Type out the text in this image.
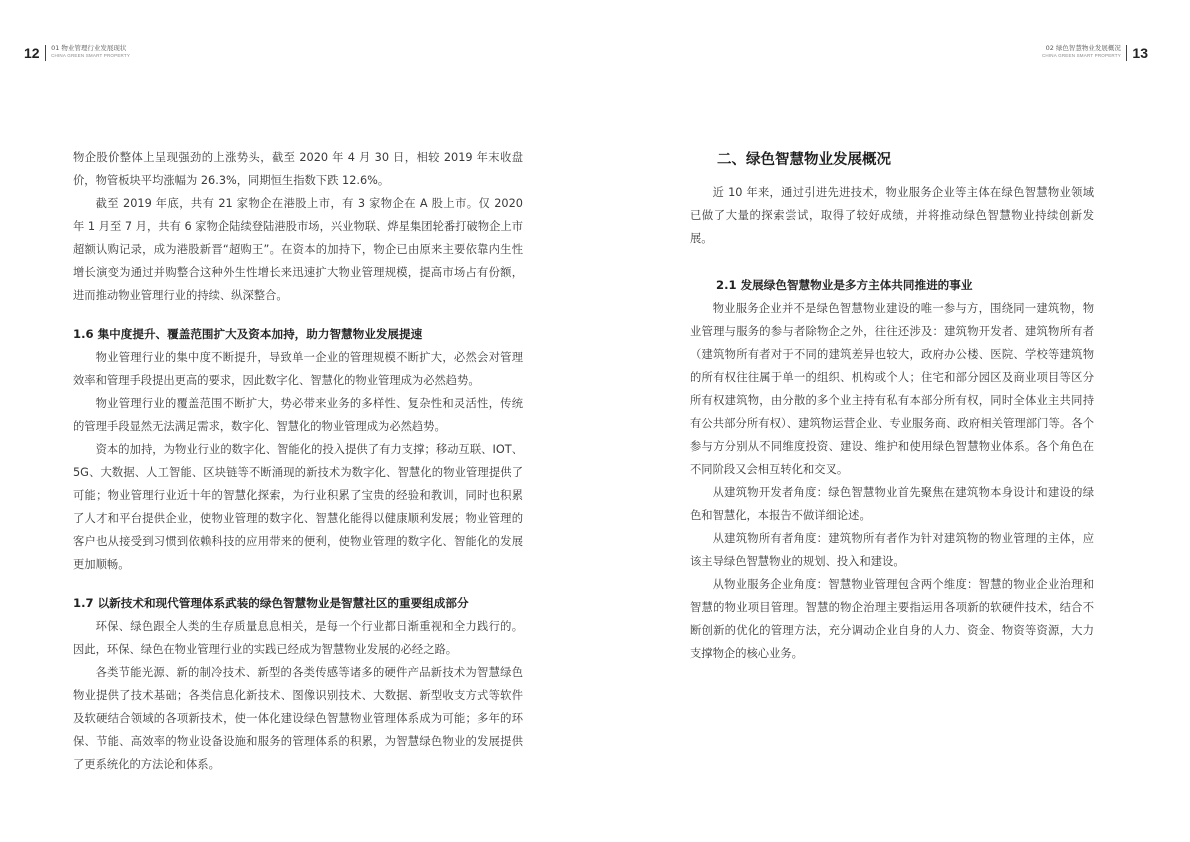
12 01 物业管理行业发展现状
CHINA GREEN SMART PROPERTY
02 绿色智慧物业发展概况
CHINA GREEN SMART PROPERTY 13

物企股价整体上呈现强劲的上涨势头，截至 2020 年 4 月 30 日，相较 2019 年末收盘价，物管板块平均涨幅为 26.3%，同期恒生指数下跌 12.6%。

截至 2019 年底，共有 21 家物企在港股上市，有 3 家物企在 A 股上市。仅 2020 年 1 月至 7 月，共有 6 家物企陆续登陆港股市场，兴业物联、烨星集团轮番打破物企上市超额认购记录，成为港股新晋“超购王”。在资本的加持下，物企已由原来主要依靠内生性增长演变为通过并购整合这种外生性增长来迅速扩大物业管理规模，提高市场占有份额，进而推动物业管理行业的持续、纵深整合。

1.6 集中度提升、覆盖范围扩大及资本加持，助力智慧物业发展提速

物业管理行业的集中度不断提升，导致单一企业的管理规模不断扩大，必然会对管理效率和管理手段提出更高的要求，因此数字化、智慧化的物业管理成为必然趋势。

物业管理行业的覆盖范围不断扩大，势必带来业务的多样性、复杂性和灵活性，传统的管理手段显然无法满足需求，数字化、智慧化的物业管理成为必然趋势。

资本的加持，为物业行业的数字化、智能化的投入提供了有力支撑；移动互联、IOT、5G、大数据、人工智能、区块链等不断涌现的新技术为数字化、智慧化的物业管理提供了可能；物业管理行业近十年的智慧化探索，为行业积累了宝贵的经验和教训，同时也积累了人才和平台提供企业，使物业管理的数字化、智慧化能得以健康顺利发展；物业管理的客户也从接受到习惯到依赖科技的应用带来的便利，使物业管理的数字化、智能化的发展更加顺畅。

1.7 以新技术和现代管理体系武装的绿色智慧物业是智慧社区的重要组成部分

环保、绿色跟全人类的生存质量息息相关，是每一个行业都日渐重视和全力践行的。因此，环保、绿色在物业管理行业的实践已经成为智慧物业发展的必经之路。

各类节能光源、新的制冷技术、新型的各类传感等诸多的硬件产品新技术为智慧绿色物业提供了技术基础；各类信息化新技术、图像识别技术、大数据、新型收支方式等软件及软硬结合领域的各项新技术，使一体化建设绿色智慧物业管理体系成为可能；多年的环保、节能、高效率的物业设备设施和服务的管理体系的积累，为智慧绿色物业的发展提供了更系统化的方法论和体系。

二、绿色智慧物业发展概况

近 10 年来，通过引进先进技术，物业服务企业等主体在绿色智慧物业领域已做了大量的探索尝试，取得了较好成绩，并将推动绿色智慧物业持续创新发展。

2.1 发展绿色智慧物业是多方主体共同推进的事业

物业服务企业并不是绿色智慧物业建设的唯一参与方，围绕同一建筑物，物业管理与服务的参与者除物企之外，往往还涉及：建筑物开发者、建筑物所有者（建筑物所有者对于不同的建筑差异也较大，政府办公楼、医院、学校等建筑物的所有权往往属于单一的组织、机构或个人；住宅和部分园区及商业项目等区分所有权建筑物，由分散的多个业主持有私有本部分所有权，同时全体业主共同持有公共部分所有权）、建筑物运营企业、专业服务商、政府相关管理部门等。各个参与方分别从不同维度投资、建设、维护和使用绿色智慧物业体系。各个角色在不同阶段又会相互转化和交叉。

从建筑物开发者角度：绿色智慧物业首先聚焦在建筑物本身设计和建设的绿色和智慧化，本报告不做详细论述。

从建筑物所有者角度：建筑物所有者作为针对建筑物的物业管理的主体，应该主导绿色智慧物业的规划、投入和建设。

从物业服务企业角度：智慧物业管理包含两个维度：智慧的物业企业治理和智慧的物业项目管理。智慧的物企治理主要指运用各项新的软硬件技术，结合不断创新的优化的管理方法，充分调动企业自身的人力、资金、物资等资源，大力支撑物企的核心业务。
